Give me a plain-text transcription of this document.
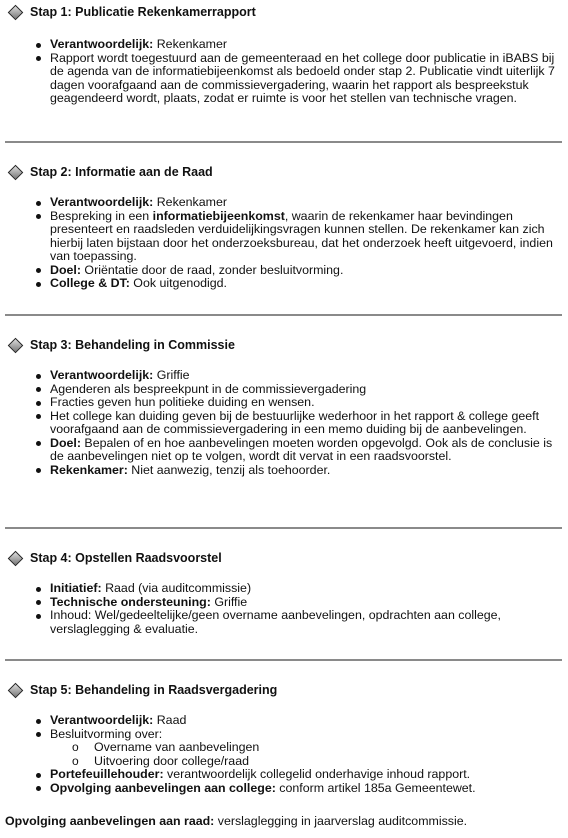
Stap 1: Publicatie Rekenkamerrapport
Verantwoordelijk: Rekenkamer
Rapport wordt toegestuurd aan de gemeenteraad en het college door publicatie in iBABS bij de agenda van de informatiebijeenkomst als bedoeld onder stap 2. Publicatie vindt uiterlijk 7 dagen voorafgaand aan de commissievergadering, waarin het rapport als bespreekstuk geagendeerd wordt, plaats, zodat er ruimte is voor het stellen van technische vragen.
Stap 2: Informatie aan de Raad
Verantwoordelijk: Rekenkamer
Bespreking in een informatiebijeenkomst, waarin de rekenkamer haar bevindingen presenteert en raadsleden verduidelijkingsvragen kunnen stellen. De rekenkamer kan zich hierbij laten bijstaan door het onderzoeksbureau, dat het onderzoek heeft uitgevoerd, indien van toepassing.
Doel: Oriëntatie door de raad, zonder besluitvorming.
College & DT: Ook uitgenodigd.
Stap 3: Behandeling in Commissie
Verantwoordelijk: Griffie
Agenderen als bespreekpunt in de commissievergadering
Fracties geven hun politieke duiding en wensen.
Het college kan duiding geven bij de bestuurlijke wederhoor in het rapport & college geeft voorafgaand aan de commissievergadering in een memo duiding bij de aanbevelingen.
Doel: Bepalen of en hoe aanbevelingen moeten worden opgevolgd. Ook als de conclusie is de aanbevelingen niet op te volgen, wordt dit vervat in een raadsvoorstel.
Rekenkamer: Niet aanwezig, tenzij als toehoorder.
Stap 4: Opstellen Raadsvoorstel
Initiatief: Raad (via auditcommissie)
Technische ondersteuning: Griffie
Inhoud: Wel/gedeeltelijke/geen overname aanbevelingen, opdrachten aan college, verslaglegging & evaluatie.
Stap 5: Behandeling in Raadsvergadering
Verantwoordelijk: Raad
Besluitvorming over:
o Overname van aanbevelingen
o Uitvoering door college/raad
Portefeuillehouder: verantwoordelijk collegelid onderhavige inhoud rapport.
Opvolging aanbevelingen aan college: conform artikel 185a Gemeentewet.
Opvolging aanbevelingen aan raad: verslaglegging in jaarverslag auditcommissie.
